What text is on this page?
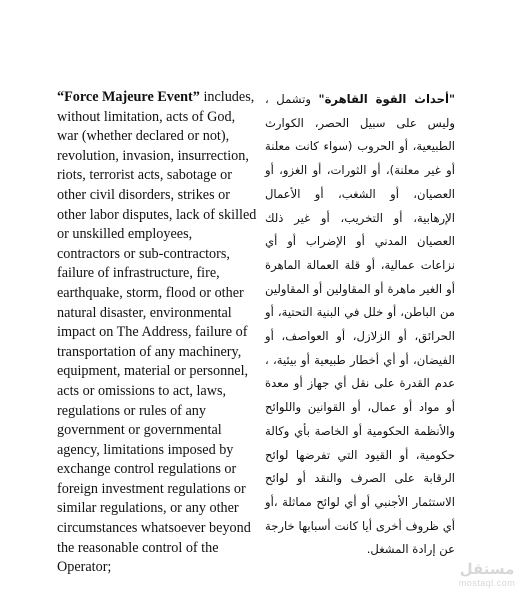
“Force Majeure Event” includes, without limitation, acts of God, war (whether declared or not), revolution, invasion, insurrection, riots, terrorist acts, sabotage or other civil disorders, strikes or other labor disputes, lack of skilled or unskilled employees, contractors or sub-contractors, failure of infrastructure, fire, earthquake, storm, flood or other natural disaster, environmental impact on The Address, failure of transportation of any machinery, equipment, material or personnel, acts or omissions to act, laws, regulations or rules of any government or governmental agency, limitations imposed by exchange control regulations or foreign investment regulations or similar regulations, or any other circumstances whatsoever beyond the reasonable control of the Operator;
"أحداث القوة القاهرة" وتشمل ، وليس على سبيل الحصر، الكوارث الطبيعية، أو الحروب (سواء كانت معلنة أو غير معلنة)، أو الثورات، أو الغزو، أو العصيان، أو الشغب، أو الأعمال الإرهابية، أو التخريب، أو غير ذلك العصيان المدني أو الإضراب أو أي نزاعات عمالية، أو قلة العمالة الماهرة أو الغير ماهرة أو المقاولين أو المقاولين من الباطن، أو خلل في البنية التحتية، أو الحرائق، أو الزلازل، أو العواصف، أو الفيضان، أو أي أخطار طبيعية أو بيئية، ، عدم القدرة على نقل أي جهاز أو معدة أو مواد أو عمال، أو القوانين واللوائح والأنظمة الحكومية أو الخاصة بأي وكالة حكومية، أو القيود التي تفرضها لوائح الرقابة على الصرف والنقد أو لوائح الاستثمار الأجنبي أو أي لوائح مماثلة ،أو أي ظروف أخرى أيا كانت أسبابها خارجة عن إرادة المشغل.
مستقل
mostaql.com
